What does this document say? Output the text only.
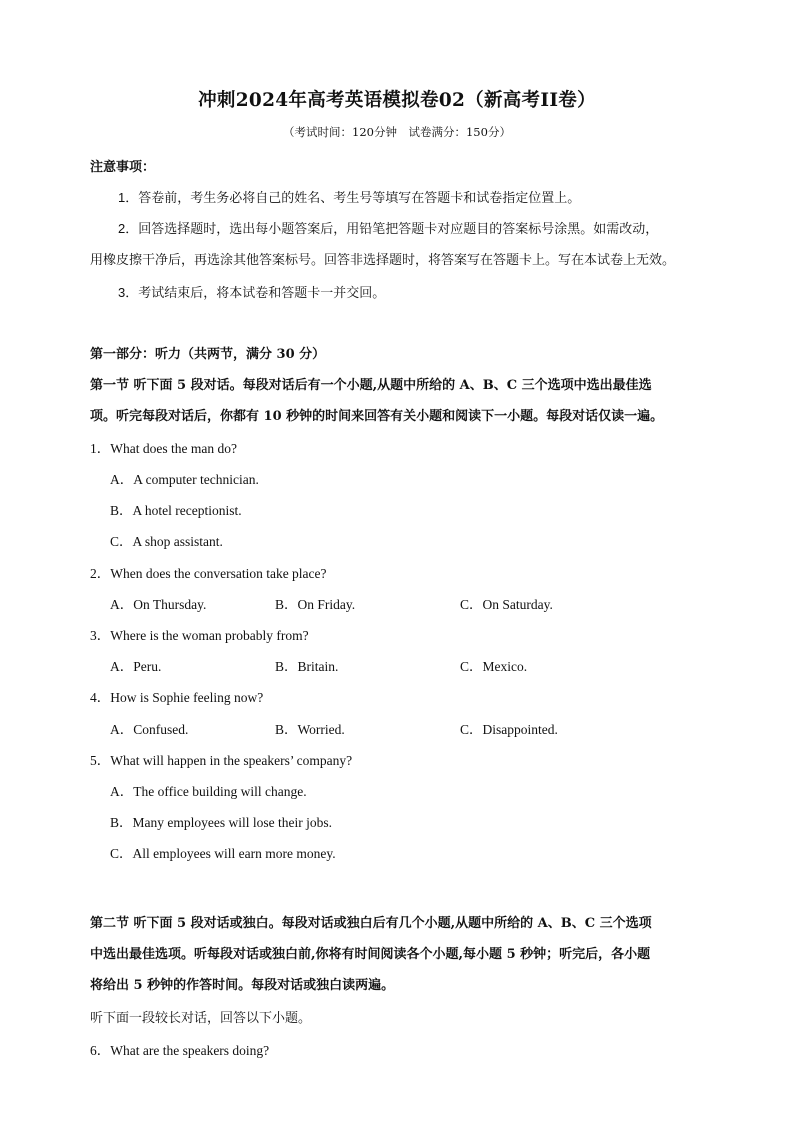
冲刺2024年高考英语模拟卷02（新高考II卷）
（考试时间：120分钟　试卷满分：150分）
注意事项：
1．答卷前，考生务必将自己的姓名、考生号等填写在答题卡和试卷指定位置上。
2．回答选择题时，选出每小题答案后，用铅笔把答题卡对应题目的答案标号涂黑。如需改动，
用橡皮擦干净后，再选涂其他答案标号。回答非选择题时，将答案写在答题卡上。写在本试卷上无效。
3．考试结束后，将本试卷和答题卡一并交回。
第一部分：听力（共两节，满分 30 分）
第一节 听下面 5 段对话。每段对话后有一个小题,从题中所给的 A、B、C 三个选项中选出最佳选
项。听完每段对话后，你都有 10 秒钟的时间来回答有关小题和阅读下一小题。每段对话仅读一遍。
1．What does the man do?
A．A computer technician.
B．A hotel receptionist.
C．A shop assistant.
2．When does the conversation take place?
A．On Thursday.	B．On Friday.	C．On Saturday.
3．Where is the woman probably from?
A．Peru.	B．Britain.	C．Mexico.
4．How is Sophie feeling now?
A．Confused.	B．Worried.	C．Disappointed.
5．What will happen in the speakers’ company?
A．The office building will change.
B．Many employees will lose their jobs.
C．All employees will earn more money.
第二节 听下面 5 段对话或独白。每段对话或独白后有几个小题,从题中所给的 A、B、C 三个选项
中选出最佳选项。听每段对话或独白前,你将有时间阅读各个小题,每小题 5 秒钟；听完后，各小题
将给出 5 秒钟的作答时间。每段对话或独白读两遍。
听下面一段较长对话，回答以下小题。
6．What are the speakers doing?
